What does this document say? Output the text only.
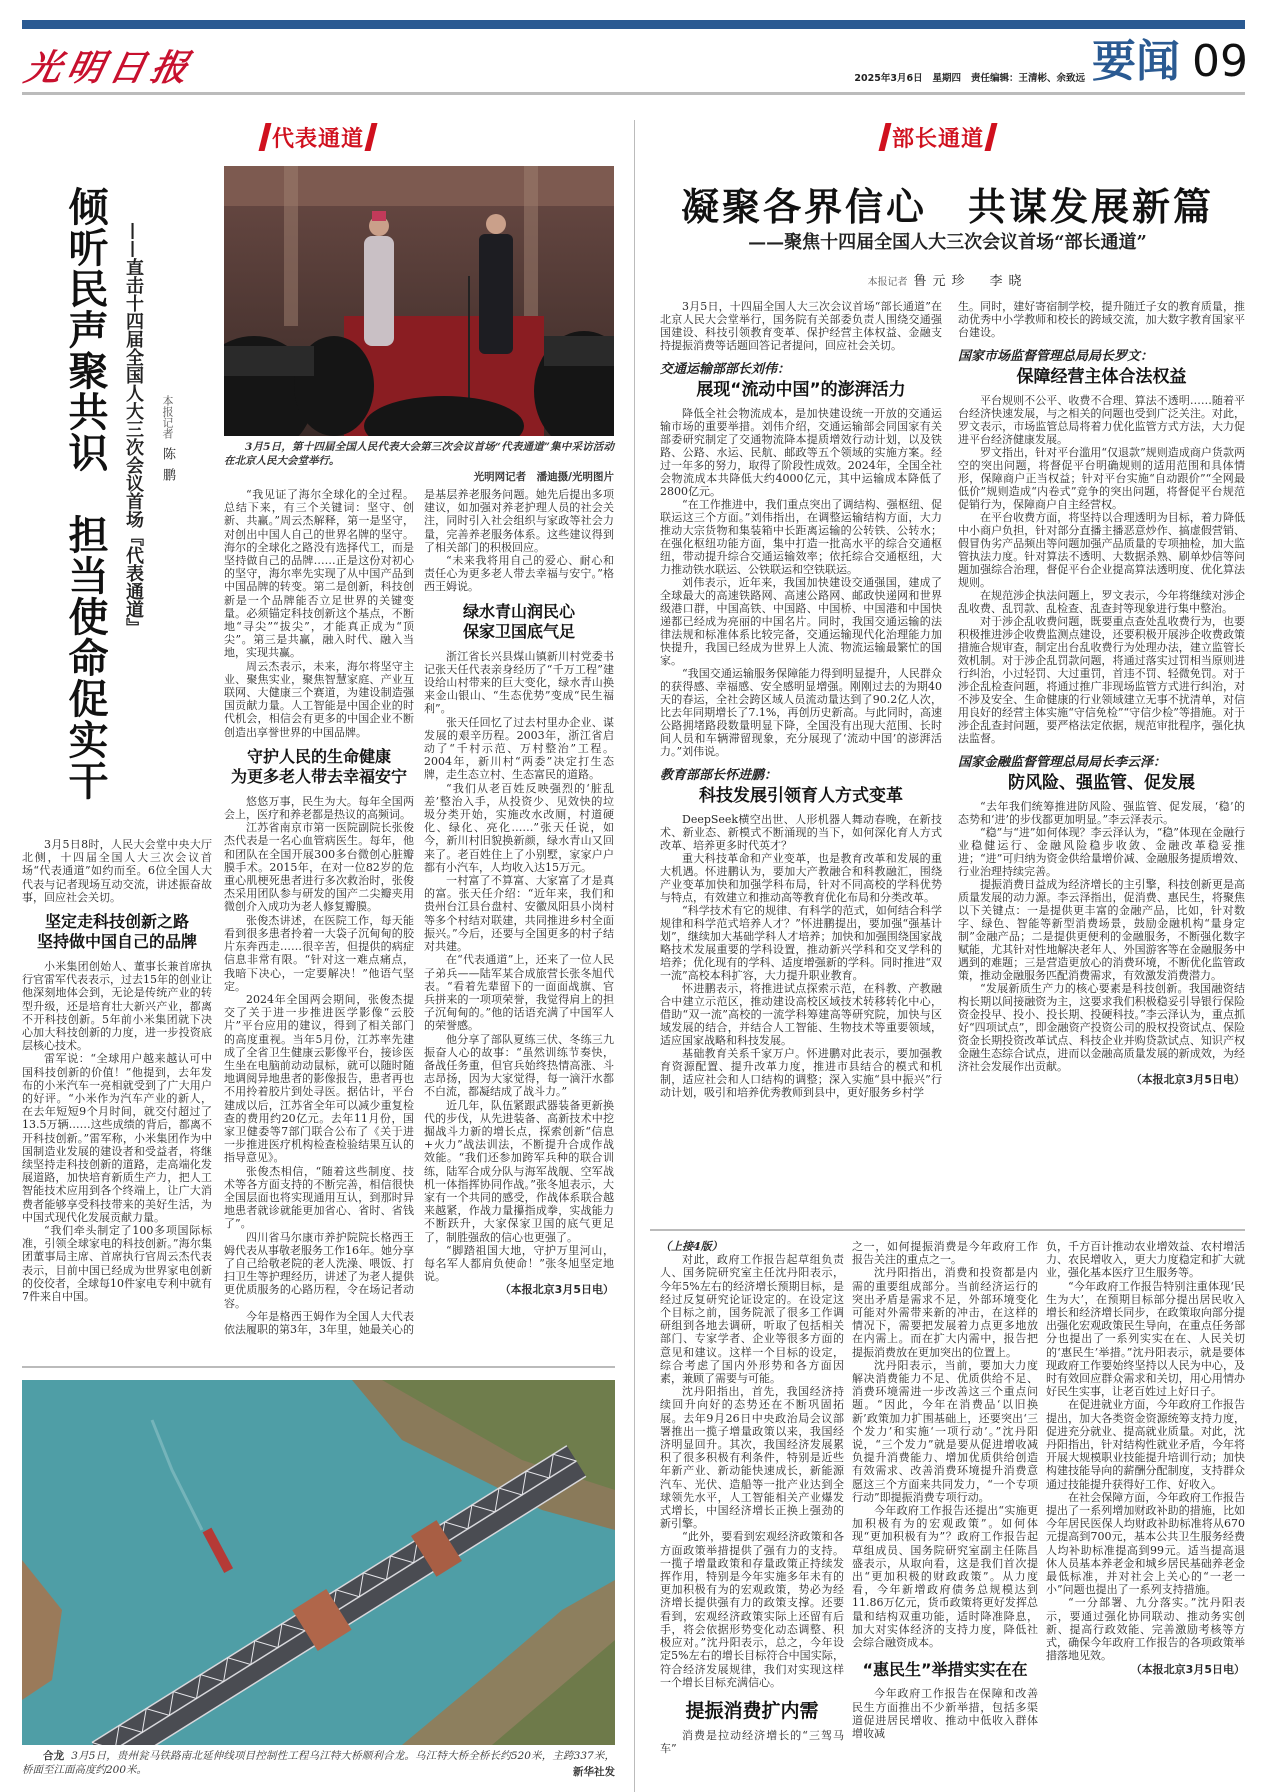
光明日报	2025年3月6日 星期四 责任编辑：王清彬、余致远 要闻 09
代表通道
倾听民声聚共识　担当使命促实干 ——直击十四届全国人大三次会议首场『代表通道』 本报记者陈鹏	3月5日，第十四届全国人民代表大会第三次会议首场“代表通道”集中采访活动在北京人民大会堂举行。
光明网记者　潘迪摄/光明图片

3月5日8时，人民大会堂中央大厅北侧，十四届全国人大三次会议首场“代表通道”如约而至。6位全国人大代表与记者现场互动交流，讲述振奋故事，回应社会关切。

坚定走科技创新之路
坚持做中国自己的品牌

小米集团创始人、董事长兼首席执行官雷军代表表示，过去15年的创业让他深刻地体会到，无论是传统产业的转型升级，还是培育壮大新兴产业，都离不开科技创新。5年前小米集团就下决心加大科技创新的力度，进一步投资底层核心技术。

雷军说：“全球用户越来越认可中国科技创新的价值！”他提到，去年发布的小米汽车一亮相就受到了广大用户的好评。“小米作为汽车产业的新人，在去年短短9个月时间，就交付超过了13.5万辆……这些成绩的背后，都离不开科技创新。”雷军称，小米集团作为中国制造业发展的建设者和受益者，将继续坚持走科技创新的道路，走高端化发展道路，加快培育新质生产力，把人工智能技术应用到各个终端上，让广大消费者能够享受科技带来的美好生活，为中国式现代化发展贡献力量。

“我们牵头制定了100多项国际标准，引领全球家电的科技创新。”海尔集团董事局主席、首席执行官周云杰代表表示，目前中国已经成为世界家电创新的佼佼者，全球每10件家电专利中就有7件来自中国。

“我见证了海尔全球化的全过程。总结下来，有三个关键词：坚守、创新、共赢。”周云杰解释，第一是坚守，对创出中国人自己的世界名牌的坚守。海尔的全球化之路没有选择代工，而是坚持做自己的品牌……正是这份对初心的坚守，海尔率先实现了从中国产品到中国品牌的转变。第二是创新，科技创新是一个品牌能否立足世界的关键变量。必须锚定科技创新这个基点，不断地“寻尖”“拔尖”，才能真正成为“顶尖”。第三是共赢，融入时代、融入当地，实现共赢。

周云杰表示，未来，海尔将坚守主业、聚焦实业，聚焦智慧家庭、产业互联网、大健康三个赛道，为建设制造强国贡献力量。人工智能是中国企业的时代机会，相信会有更多的中国企业不断创造出享誉世界的中国品牌。

守护人民的生命健康
为更多老人带去幸福安宁

悠悠万事，民生为大。每年全国两会上，医疗和养老都是热议的高频词。

江苏省南京市第一医院副院长张俊杰代表是一名心血管病医生。每年，他和团队在全国开展300多台微创心脏瓣膜手术。2015年，在对一位82岁的危重心肌梗死患者进行多次救治时，张俊杰采用团队参与研发的国产二尖瓣夹用微创介入成功为老人修复瓣膜。

张俊杰讲述，在医院工作，每天能看到很多患者拎着一大袋子沉甸甸的胶片东奔西走……很辛苦，但提供的病症信息非常有限。“针对这一难点痛点，我暗下决心，一定要解决！”他语气坚定。

2024年全国两会期间，张俊杰提交了关于进一步推进医学影像“云胶片”平台应用的建议，得到了相关部门的高度重视。当年5月份，江苏率先建成了全省卫生健康云影像平台，接诊医生坐在电脑前动动鼠标，就可以随时随地调阅异地患者的影像报告，患者再也不用拎着胶片到处寻医。据估计，平台建成以后，江苏省全年可以减少重复检查的费用约20亿元。去年11月份，国家卫健委等7部门联合公布了《关于进一步推进医疗机构检查检验结果互认的指导意见》。

张俊杰相信，“随着这些制度、技术等各方面支持的不断完善，相信很快全国层面也将实现通用互认，到那时异地患者就诊就能更加省心、省时、省钱了”。

四川省马尔康市养护院院长格西王姆代表从事敬老服务工作16年。她分享了自己给敬老院的老人洗澡、喂饭、打扫卫生等护理经历，讲述了为老人提供更优质服务的心路历程，令在场记者动容。

今年是格西王姆作为全国人大代表依法履职的第3年，3年里，她最关心的

是基层养老服务问题。她先后提出多项建议，如加强对养老护理人员的社会关注，同时引入社会组织与家政等社会力量，完善养老服务体系。这些建议得到了相关部门的积极回应。

“未来我将用自己的爱心、耐心和责任心为更多老人带去幸福与安宁。”格西王姆说。

绿水青山润民心
保家卫国底气足

浙江省长兴县煤山镇新川村党委书记张天任代表亲身经历了“千万工程”建设给山村带来的巨大变化，绿水青山换来金山银山、“生态优势”变成“民生福利”。

张天任回忆了过去村里办企业、谋发展的艰辛历程。2003年，浙江省启动了“千村示范、万村整治”工程。2004年，新川村“两委”决定打生态牌，走生态立村、生态富民的道路。

“我们从老百姓反映强烈的‘脏乱差’整治入手，从投资少、见效快的垃圾分类开始，实施改水改厕，村道硬化、绿化、亮化……”张天任说，如今，新川村旧貌换新颜，绿水青山又回来了。老百姓住上了小别墅，家家户户都有小汽车，人均收入达15万元。

一村富了不算富、大家富了才是真的富。张天任介绍：“近年来，我们和贵州台江县台盘村、安徽凤阳县小岗村等多个村结对联建，共同推进乡村全面振兴。”今后，还要与全国更多的村子结对共建。

在“代表通道”上，还来了一位人民子弟兵——陆军某合成旅营长张冬旭代表。“看着先辈留下的一面面战旗、官兵拼来的一项项荣誉，我觉得肩上的担子沉甸甸的。”他的话语充满了中国军人的荣誉感。

他分享了部队夏练三伏、冬练三九振奋人心的故事：“虽然训练节奏快，备战任务重，但官兵始终热情高涨、斗志昂扬，因为大家觉得，每一滴汗水都不白流，都凝结成了战斗力。”

近几年，队伍紧跟武器装备更新换代的步伐，从先进装备、高新技术中挖掘战斗力新的增长点，探索创新“信息+火力”战法训法，不断提升合成作战效能。“我们还参加跨军兵种的联合训练，陆军合成分队与海军战舰、空军战机一体指挥协同作战。”张冬旭表示，大家有一个共同的感受，作战体系联合越来越紧，作战力量攥指成拳，实战能力不断跃升，大家保家卫国的底气更足了，制胜强敌的信心也更强了。

“脚踏祖国大地，守护万里河山，每名军人都肩负使命！”张冬旭坚定地说。

（本报北京3月5日电）

合龙 3月5日，贵州瓮马铁路南北延伸线项目控制性工程乌江特大桥顺利合龙。乌江特大桥全桥长约520米，主跨337米，桥面至江面高度约200米。	新华社发
部长通道
凝聚各界信心　共谋发展新篇
——聚焦十四届全国人大三次会议首场“部长通道”
本报记者 鲁元珍　李晓

3月5日，十四届全国人大三次会议首场“部长通道”在北京人民大会堂举行，国务院有关部委负责人围绕交通强国建设、科技引领教育变革、保护经营主体权益、金融支持提振消费等话题回答记者提问，回应社会关切。

交通运输部部长刘伟：
展现“流动中国”的澎湃活力

降低全社会物流成本，是加快建设统一开放的交通运输市场的重要举措。刘伟介绍，交通运输部会同国家有关部委研究制定了交通物流降本提质增效行动计划，以及铁路、公路、水运、民航、邮政等五个领域的实施方案。经过一年多的努力，取得了阶段性成效。2024年，全国全社会物流成本共降低大约4000亿元，其中运输成本降低了2800亿元。

“在工作推进中，我们重点突出了调结构、强枢纽、促联运这三个方面。”刘伟指出，在调整运输结构方面，大力推动大宗货物和集装箱中长距离运输的公转铁、公转水；在强化枢纽功能方面，集中打造一批高水平的综合交通枢纽，带动提升综合交通运输效率；依托综合交通枢纽，大力推动铁水联运、公铁联运和空铁联运。

刘伟表示，近年来，我国加快建设交通强国，建成了全球最大的高速铁路网、高速公路网、邮政快递网和世界级港口群，中国高铁、中国路、中国桥、中国港和中国快递都已经成为亮丽的中国名片。同时，我国交通运输的法律法规和标准体系比较完备，交通运输现代化治理能力加快提升，我国已经成为世界上人流、物流运输最繁忙的国家。

“我国交通运输服务保障能力得到明显提升，人民群众的获得感、幸福感、安全感明显增强。刚刚过去的为期40天的春运，全社会跨区域人员流动量达到了90.2亿人次，比去年同期增长了7.1%，再创历史新高。与此同时，高速公路拥堵路段数量明显下降，全国没有出现大范围、长时间人员和车辆滞留现象，充分展现了‘流动中国’的澎湃活力。”刘伟说。

教育部部长怀进鹏：
科技发展引领育人方式变革

DeepSeek横空出世、人形机器人舞动春晚，在新技术、新业态、新模式不断涌现的当下，如何深化育人方式改革、培养更多时代英才？

重大科技革命和产业变革，也是教育改革和发展的重大机遇。怀进鹏认为，要加大产教融合和科教融汇，围绕产业变革加快和加强学科布局，针对不同高校的学科优势与特点，有效建立和推动高等教育优化布局和分类改革。

“科学技术有它的规律、有科学的范式，如何结合科学规律和科学范式培养人才？”怀进鹏提出，要加强“强基计划”，继续加大基础学科人才培养；加快和加强围绕国家战略技术发展重要的学科设置，推动新兴学科和交叉学科的培养；优化现有的学科、适度增强新的学科。同时推进“双一流”高校本科扩容，大力提升职业教育。

怀进鹏表示，将推进试点探索示范，在科教、产教融合中建立示范区，推动建设高校区域技术转移转化中心，借助“双一流”高校的一流学科筹建高等研究院，加快与区域发展的结合，并结合人工智能、生物技术等重要领域，适应国家战略和科技发展。

基础教育关系千家万户。怀进鹏对此表示，要加强教育资源配置、提升改革力度，推进市县结合的模式和机制，适应社会和人口结构的调整；深入实施“县中振兴”行动计划，吸引和培养优秀教师到县中，更好服务乡村学

生。同时，建好寄宿制学校，提升随迁子女的教育质量，推动优秀中小学教师和校长的跨域交流，加大数字教育国家平台建设。

国家市场监督管理总局局长罗文：
保障经营主体合法权益

平台规则不公平、收费不合理、算法不透明……随着平台经济快速发展，与之相关的问题也受到广泛关注。对此，罗文表示，市场监管总局将着力优化监管方式方法，大力促进平台经济健康发展。

罗文指出，针对平台滥用“仅退款”规则造成商户货款两空的突出问题，将督促平台明确规则的适用范围和具体情形，保障商户正当权益；针对平台实施“自动跟价”“全网最低价”规则造成“内卷式”竞争的突出问题，将督促平台规范促销行为，保障商户自主经营权。

在平台收费方面，将坚持以合理透明为目标，着力降低中小商户负担，针对部分直播主播恶意炒作、搞虚假营销、假冒伪劣产品频出等问题加强产品质量的专项抽检，加大监管执法力度。针对算法不透明、大数据杀熟、刷单炒信等问题加强综合治理，督促平台企业提高算法透明度、优化算法规则。

在规范涉企执法问题上，罗文表示，今年将继续对涉企乱收费、乱罚款、乱检查、乱查封等现象进行集中整治。

对于涉企乱收费问题，既要重点查处乱收费行为，也要积极推进涉企收费监测点建设，还要积极开展涉企收费政策措施合规审查，制定出台乱收费行为处理办法，建立监管长效机制。对于涉企乱罚款问题，将通过落实过罚相当原则进行纠治，小过轻罚、大过重罚，首违不罚、轻微免罚。对于涉企乱检查问题，将通过推广非现场监管方式进行纠治，对不涉及安全、生命健康的行业领域建立无事不扰清单，对信用良好的经营主体实施“守信免检”“守信少检”等措施。对于涉企乱查封问题，要严格法定依据，规范审批程序，强化执法监督。

国家金融监督管理总局局长李云泽：
防风险、强监管、促发展

“去年我们统筹推进防风险、强监管、促发展，‘稳’的态势和‘进’的步伐都更加明显。”李云泽表示。

“稳”与“进”如何体现？李云泽认为，“稳”体现在金融行业稳健运行、金融风险稳步收敛、金融改革稳妥推进；“进”可归纳为资金供给量增价减、金融服务提质增效、行业治理持续完善。

提振消费日益成为经济增长的主引擎，科技创新更是高质量发展的动力源。李云泽指出，促消费、惠民生，将聚焦以下关键点：一是提供更丰富的金融产品，比如，针对数字、绿色、智能等新型消费场景，鼓励金融机构“量身定制”金融产品；二是提供更便利的金融服务，不断强化数字赋能，尤其针对性地解决老年人、外国游客等在金融服务中遇到的难题；三是营造更放心的消费环境，不断优化监管政策，推动金融服务匹配消费需求，有效激发消费潜力。

“发展新质生产力的核心要素是科技创新。我国融资结构长期以间接融资为主，这要求我们积极稳妥引导银行保险资金投早、投小、投长期、投硬科技。”李云泽认为，重点抓好“四项试点”，即金融资产投资公司的股权投资试点、保险资金长期投资改革试点、科技企业并购贷款试点、知识产权金融生态综合试点，进而以金融高质量发展的新成效，为经济社会发展作出贡献。

（本报北京3月5日电）

（上接4版）

对此，政府工作报告起草组负责人、国务院研究室主任沈丹阳表示，今年5%左右的经济增长预期目标，是经过反复研究论证设定的。在设定这个目标之前，国务院派了很多工作调研组到各地去调研，听取了包括相关部门、专家学者、企业等很多方面的意见和建议。这样一个目标的设定，综合考虑了国内外形势和各方面因素，兼顾了需要与可能。

沈丹阳指出，首先，我国经济持续回升向好的态势还在不断巩固拓展。去年9月26日中央政治局会议部署推出一揽子增量政策以来，我国经济明显回升。其次，我国经济发展累积了很多积极有利条件，特别是近些年新产业、新动能快速成长，新能源汽车、光伏、造船等一批产业达到全球领先水平，人工智能相关产业爆发式增长，中国经济增长正换上强劲的新引擎。

“此外，要看到宏观经济政策和各方面政策举措提供了强有力的支持。一揽子增量政策和存量政策正持续发挥作用，特别是今年实施多年未有的更加积极有为的宏观政策，势必为经济增长提供强有力的政策支撑。还要看到，宏观经济政策实际上还留有后手，将会依据形势变化动态调整、积极应对。”沈丹阳表示，总之，今年设定5%左右的增长目标符合中国实际，符合经济发展规律，我们对实现这样一个增长目标充满信心。

提振消费扩内需

消费是拉动经济增长的“三驾马车”

之一，如何提振消费是今年政府工作报告关注的重点之一。

沈丹阳指出，消费和投资都是内需的重要组成部分。当前经济运行的突出矛盾是需求不足，外部环境变化可能对外需带来新的冲击，在这样的情况下，需要把发展着力点更多地放在内需上。而在扩大内需中，报告把提振消费放在更加突出的位置上。

沈丹阳表示，当前，要加大力度解决消费能力不足、优质供给不足、消费环境需进一步改善这三个重点问题。“因此，今年在消费品‘以旧换新’政策加力扩围基础上，还要突出‘三个发力’和实施‘一项行动’。”沈丹阳说，“三个发力”就是要从促进增收减负提升消费能力、增加优质供给创造有效需求、改善消费环境提升消费意愿这三个方面来共同发力，“一个专项行动”即提振消费专项行动。

今年政府工作报告还提出“实施更加积极有为的宏观政策”。如何体现“更加积极有为”？政府工作报告起草组成员、国务院研究室副主任陈昌盛表示，从取向看，这是我们首次提出“更加积极的财政政策”。从力度看，今年新增政府债务总规模达到11.86万亿元，货币政策将更好发挥总量和结构双重功能，适时降准降息，加大对实体经济的支持力度，降低社会综合融资成本。

“惠民生”举措实实在在

今年政府工作报告在保障和改善民生方面推出不少新举措，包括多渠道促进居民增收、推动中低收入群体增收减

负，千方百计推动农业增效益、农村增活力、农民增收入，更大力度稳定和扩大就业，强化基本医疗卫生服务等。

“今年政府工作报告特别注重体现‘民生为大’，在预期目标部分提出居民收入增长和经济增长同步，在政策取向部分提出强化宏观政策民生导向，在重点任务部分也提出了一系列实实在在、人民关切的‘惠民生’举措。”沈丹阳表示，就是要体现政府工作要始终坚持以人民为中心，及时有效回应群众需求和关切，用心用情办好民生实事，让老百姓过上好日子。

在促进就业方面，今年政府工作报告提出，加大各类资金资源统筹支持力度，促进充分就业、提高就业质量。对此，沈丹阳指出，针对结构性就业矛盾，今年将开展大规模职业技能提升培训行动；加快构建技能导向的薪酬分配制度，支持群众通过技能提升获得好工作、好收入。

在社会保障方面，今年政府工作报告提出了一系列增加财政补助的措施，比如今年居民医保人均财政补助标准将从670元提高到700元，基本公共卫生服务经费人均补助标准提高到99元。适当提高退休人员基本养老金和城乡居民基础养老金最低标准，并对社会上关心的“一老一小”问题也提出了一系列支持措施。

“一分部署、九分落实。”沈丹阳表示，要通过强化协同联动、推动务实创新、提高行政效能、完善激励考核等方式，确保今年政府工作报告的各项政策举措落地见效。

（本报北京3月5日电）
